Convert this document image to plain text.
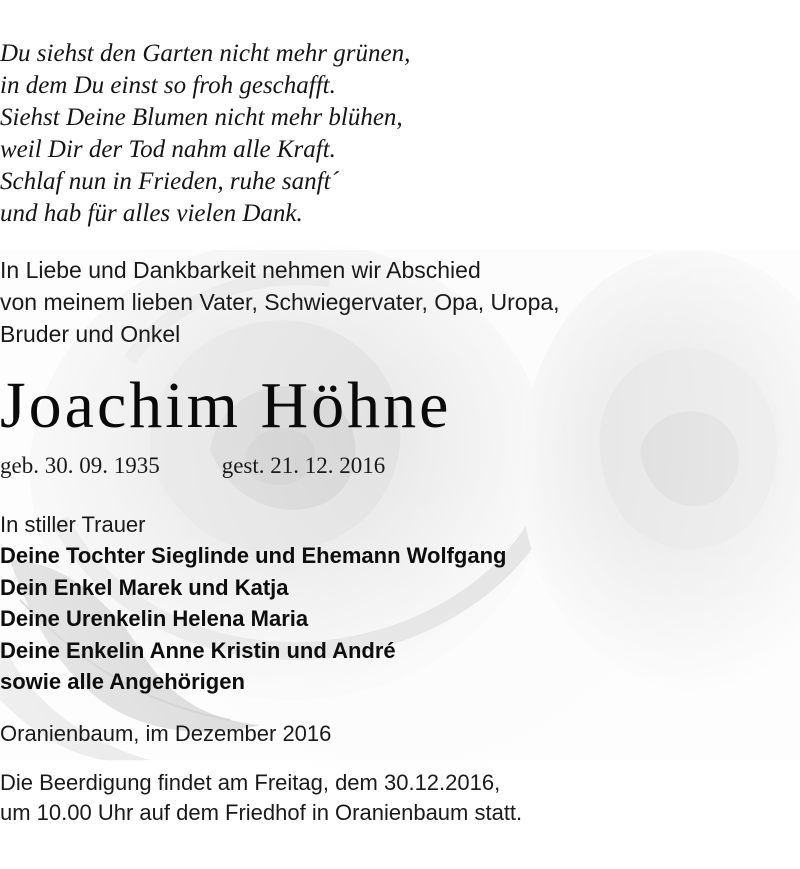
Du siehst den Garten nicht mehr grünen,
in dem Du einst so froh geschafft.
Siehst Deine Blumen nicht mehr blühen,
weil Dir der Tod nahm alle Kraft.
Schlaf nun in Frieden, ruhe sanft´
und hab für alles vielen Dank.
In Liebe und Dankbarkeit nehmen wir Abschied
von meinem lieben Vater, Schwiegervater, Opa, Uropa,
Bruder und Onkel
Joachim Höhne
geb. 30. 09. 1935	gest. 21. 12. 2016
In stiller Trauer
Deine Tochter Sieglinde und Ehemann Wolfgang
Dein Enkel Marek und Katja
Deine Urenkelin Helena Maria
Deine Enkelin Anne Kristin und André
sowie alle Angehörigen
Oranienbaum, im Dezember 2016
Die Beerdigung findet am Freitag, dem 30.12.2016,
um 10.00 Uhr auf dem Friedhof in Oranienbaum statt.
